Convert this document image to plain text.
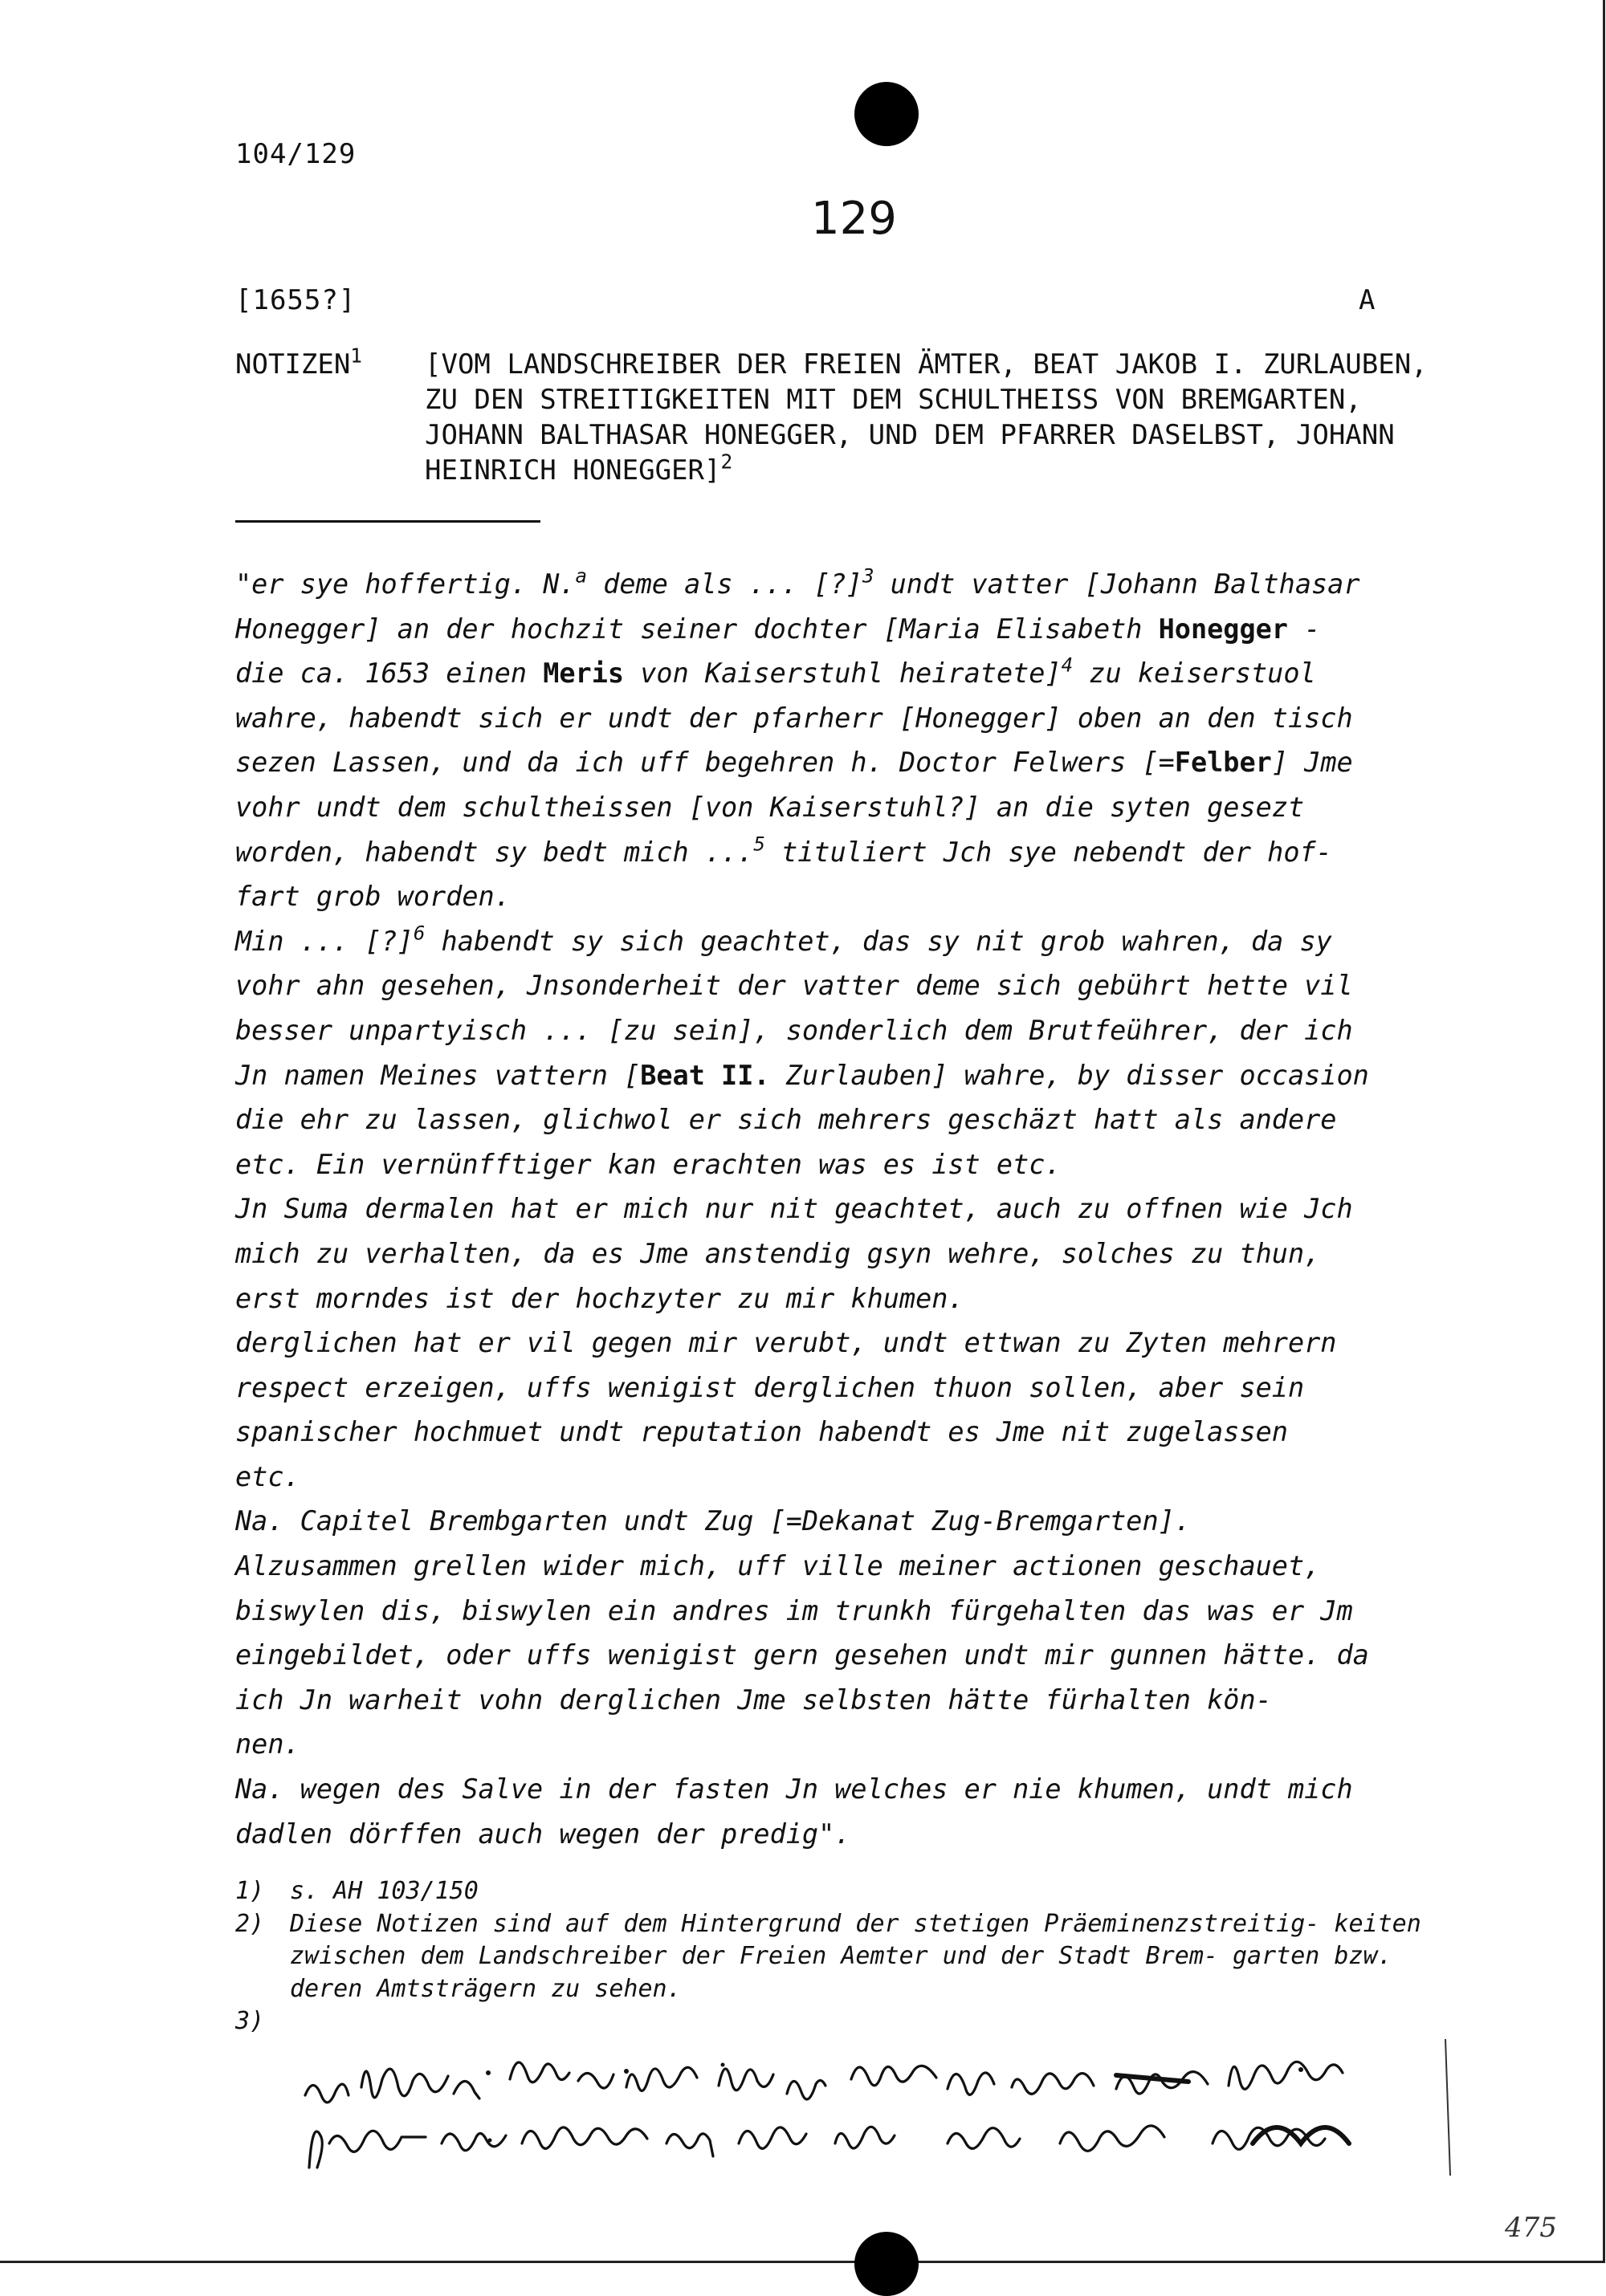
104/129
129
[1655?]	A
NOTIZEN$^1$ [VOM LANDSCHREIBER DER FREIEN ÄMTER, BEAT JAKOB I. ZURLAUBEN, ZU DEN STREITIGKEITEN MIT DEM SCHULTHEISS VON BREMGARTEN, JOHANN BALTHASAR HONEGGER, UND DEM PFARRER DASELBST, JOHANN HEINRICH HONEGGER]$^2$
"er sye hoffertig. N.$^a$ deme als ... [?]$^3$ undt vatter [Johann Balthasar
Honegger] an der hochzit seiner dochter [Maria Elisabeth Honegger -
die ca. 1653 einen Meris von Kaiserstuhl heiratete]$^4$ zu keiserstuol
wahre, habendt sich er undt der pfarherr [Honegger] oben an den tisch
sezen Lassen, und da ich uff begehren h. Doctor Felwers [=Felber] Jme
vohr undt dem schultheissen [von Kaiserstuhl?] an die syten gesezt
worden, habendt sy bedt mich ...$^5$ tituliert Jch sye nebendt der hof-
fart grob worden.
Min ... [?]$^6$ habendt sy sich geachtet, das sy nit grob wahren, da sy
vohr ahn gesehen, Jnsonderheit der vatter deme sich gebührt hette vil
besser unpartyisch ... [zu sein], sonderlich dem Brutfeührer, der ich
Jn namen Meines vattern [Beat II. Zurlauben] wahre, by disser occasion
die ehr zu lassen, glichwol er sich mehrers geschäzt hatt als andere
etc. Ein vernünfftiger kan erachten was es ist etc.
Jn Suma dermalen hat er mich nur nit geachtet, auch zu offnen wie Jch
mich zu verhalten, da es Jme anstendig gsyn wehre, solches zu thun,
erst morndes ist der hochzyter zu mir khumen.
derglichen hat er vil gegen mir verubt, undt ettwan zu Zyten mehrern
respect erzeigen, uffs wenigist derglichen thuon sollen, aber sein
spanischer hochmuet undt reputation habendt es Jme nit zugelassen
etc.
Na. Capitel Brembgarten undt Zug [=Dekanat Zug-Bremgarten].
Alzusammen grellen wider mich, uff ville meiner actionen geschauet,
biswylen dis, biswylen ein andres im trunkh fürgehalten das was er Jm
eingebildet, oder uffs wenigist gern gesehen undt mir gunnen hätte. da
ich Jn warheit vohn derglichen Jme selbsten hätte fürhalten kön-
nen.
Na. wegen des Salve in der fasten Jn welches er nie khumen, undt mich
dadlen dörffen auch wegen der predig".
1) s. AH 103/150
2) Diese Notizen sind auf dem Hintergrund der stetigen Präeminenzstreitig- keiten zwischen dem Landschreiber der Freien Aemter und der Stadt Brem- garten bzw. deren Amtsträgern zu sehen.
3)
475
